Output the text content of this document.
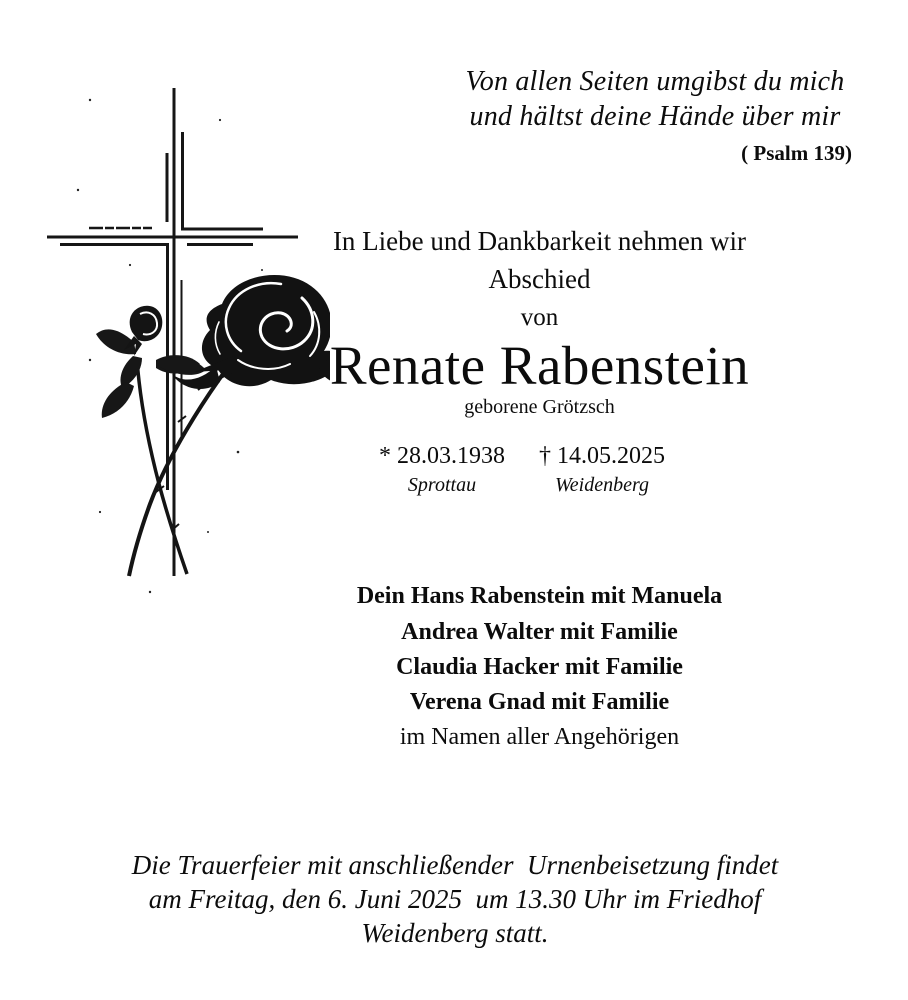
Von allen Seiten umgibst du mich
und hältst deine Hände über mir
( Psalm 139)
In Liebe und Dankbarkeit nehmen wir
Abschied
von
Renate Rabenstein
geborene Grötzsch
* 28.03.1938
Sprottau
† 14.05.2025
Weidenberg
Dein Hans Rabenstein mit Manuela
Andrea Walter mit Familie
Claudia Hacker mit Familie
Verena Gnad mit Familie
im Namen aller Angehörigen
Die Trauerfeier mit anschließender  Urnenbeisetzung findet
am Freitag, den 6. Juni 2025  um 13.30 Uhr im Friedhof
Weidenberg statt.
